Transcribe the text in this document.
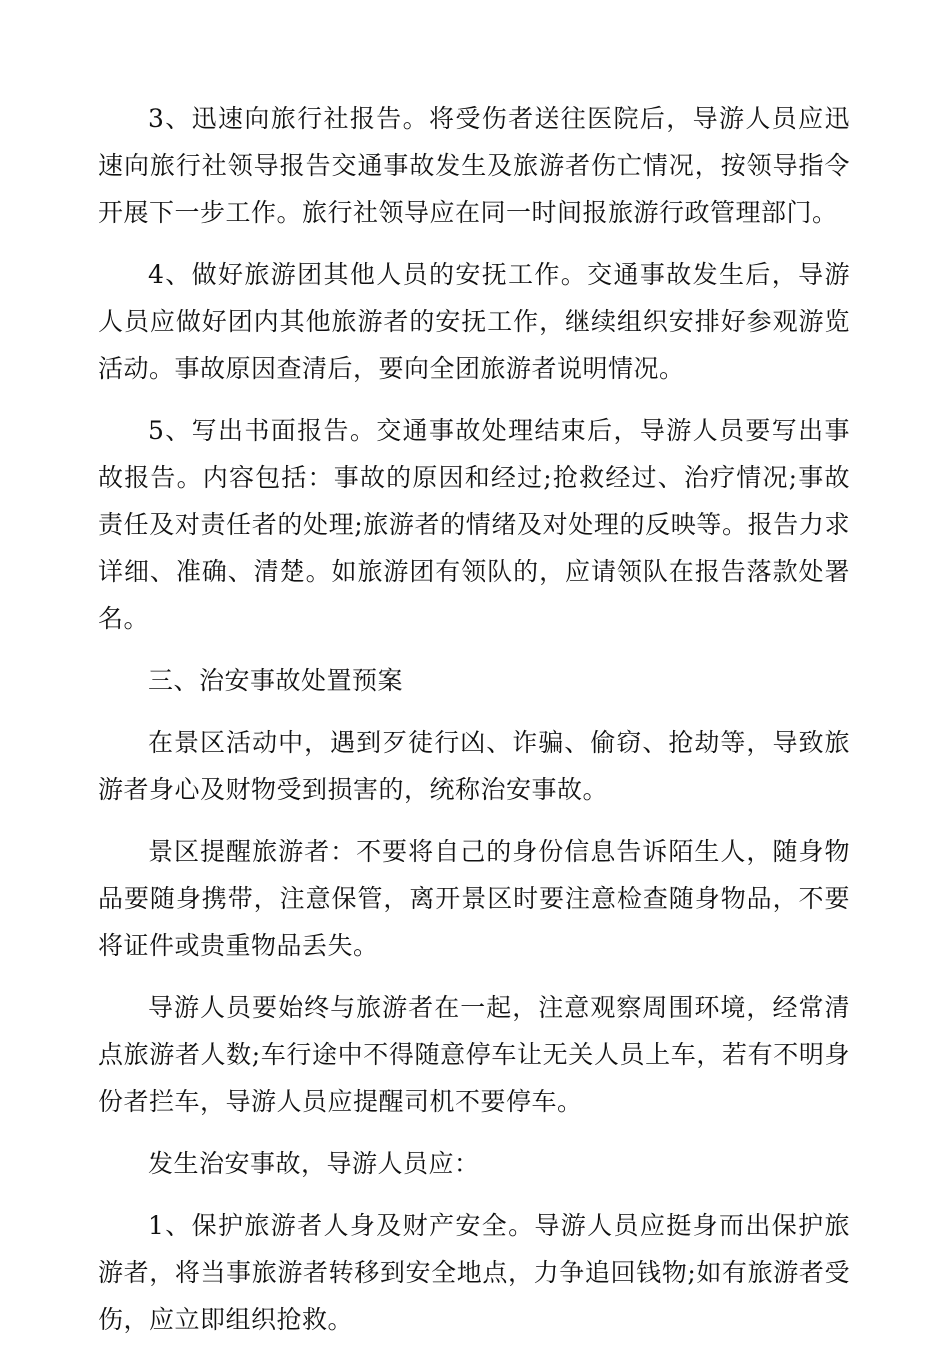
3、迅速向旅行社报告。将受伤者送往医院后，导游人员应迅速向旅行社领导报告交通事故发生及旅游者伤亡情况，按领导指令开展下一步工作。旅行社领导应在同一时间报旅游行政管理部门。

4、做好旅游团其他人员的安抚工作。交通事故发生后，导游人员应做好团内其他旅游者的安抚工作，继续组织安排好参观游览活动。事故原因查清后，要向全团旅游者说明情况。

5、写出书面报告。交通事故处理结束后，导游人员要写出事故报告。内容包括：事故的原因和经过;抢救经过、治疗情况;事故责任及对责任者的处理;旅游者的情绪及对处理的反映等。报告力求详细、准确、清楚。如旅游团有领队的，应请领队在报告落款处署名。

三、治安事故处置预案

在景区活动中，遇到歹徒行凶、诈骗、偷窃、抢劫等，导致旅游者身心及财物受到损害的，统称治安事故。

景区提醒旅游者：不要将自己的身份信息告诉陌生人，随身物品要随身携带，注意保管，离开景区时要注意检查随身物品，不要将证件或贵重物品丢失。

导游人员要始终与旅游者在一起，注意观察周围环境，经常清点旅游者人数;车行途中不得随意停车让无关人员上车，若有不明身份者拦车，导游人员应提醒司机不要停车。

发生治安事故，导游人员应：

1、保护旅游者人身及财产安全。导游人员应挺身而出保护旅游者，将当事旅游者转移到安全地点，力争追回钱物;如有旅游者受伤，应立即组织抢救。
